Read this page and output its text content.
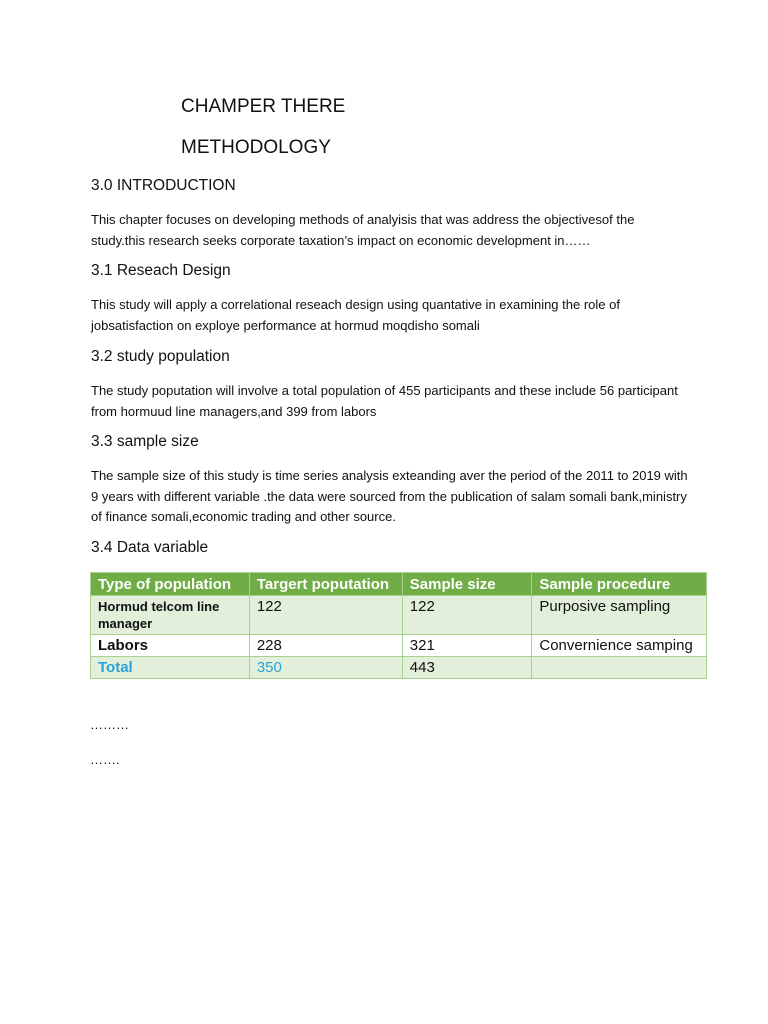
CHAMPER THERE
METHODOLOGY
3.0 INTRODUCTION
This chapter focuses on developing methods of analyisis that was address the objectivesof the study.this research seeks corporate taxation’s impact on economic development in……
3.1 Reseach Design
This study will apply a correlational reseach design using quantative in examining the role of jobsatisfaction on exploye performance at hormud moqdisho somali
3.2 study population
The study poputation will involve a total population of 455 participants and these include 56 participant from hormuud line managers,and 399 from labors
3.3 sample size
The sample size of this study is time series analysis exteanding aver the period of the 2011 to 2019 with 9 years with different variable .the data were sourced from the publication of salam somali bank,ministry of finance somali,economic trading and other source.
3.4 Data variable
Type of population	Targert poputation	Sample size	Sample procedure
Hormud telcom line manager	122	122	Purposive sampling
Labors	228	321	Convernience samping
Total	350	443	
………
…….
